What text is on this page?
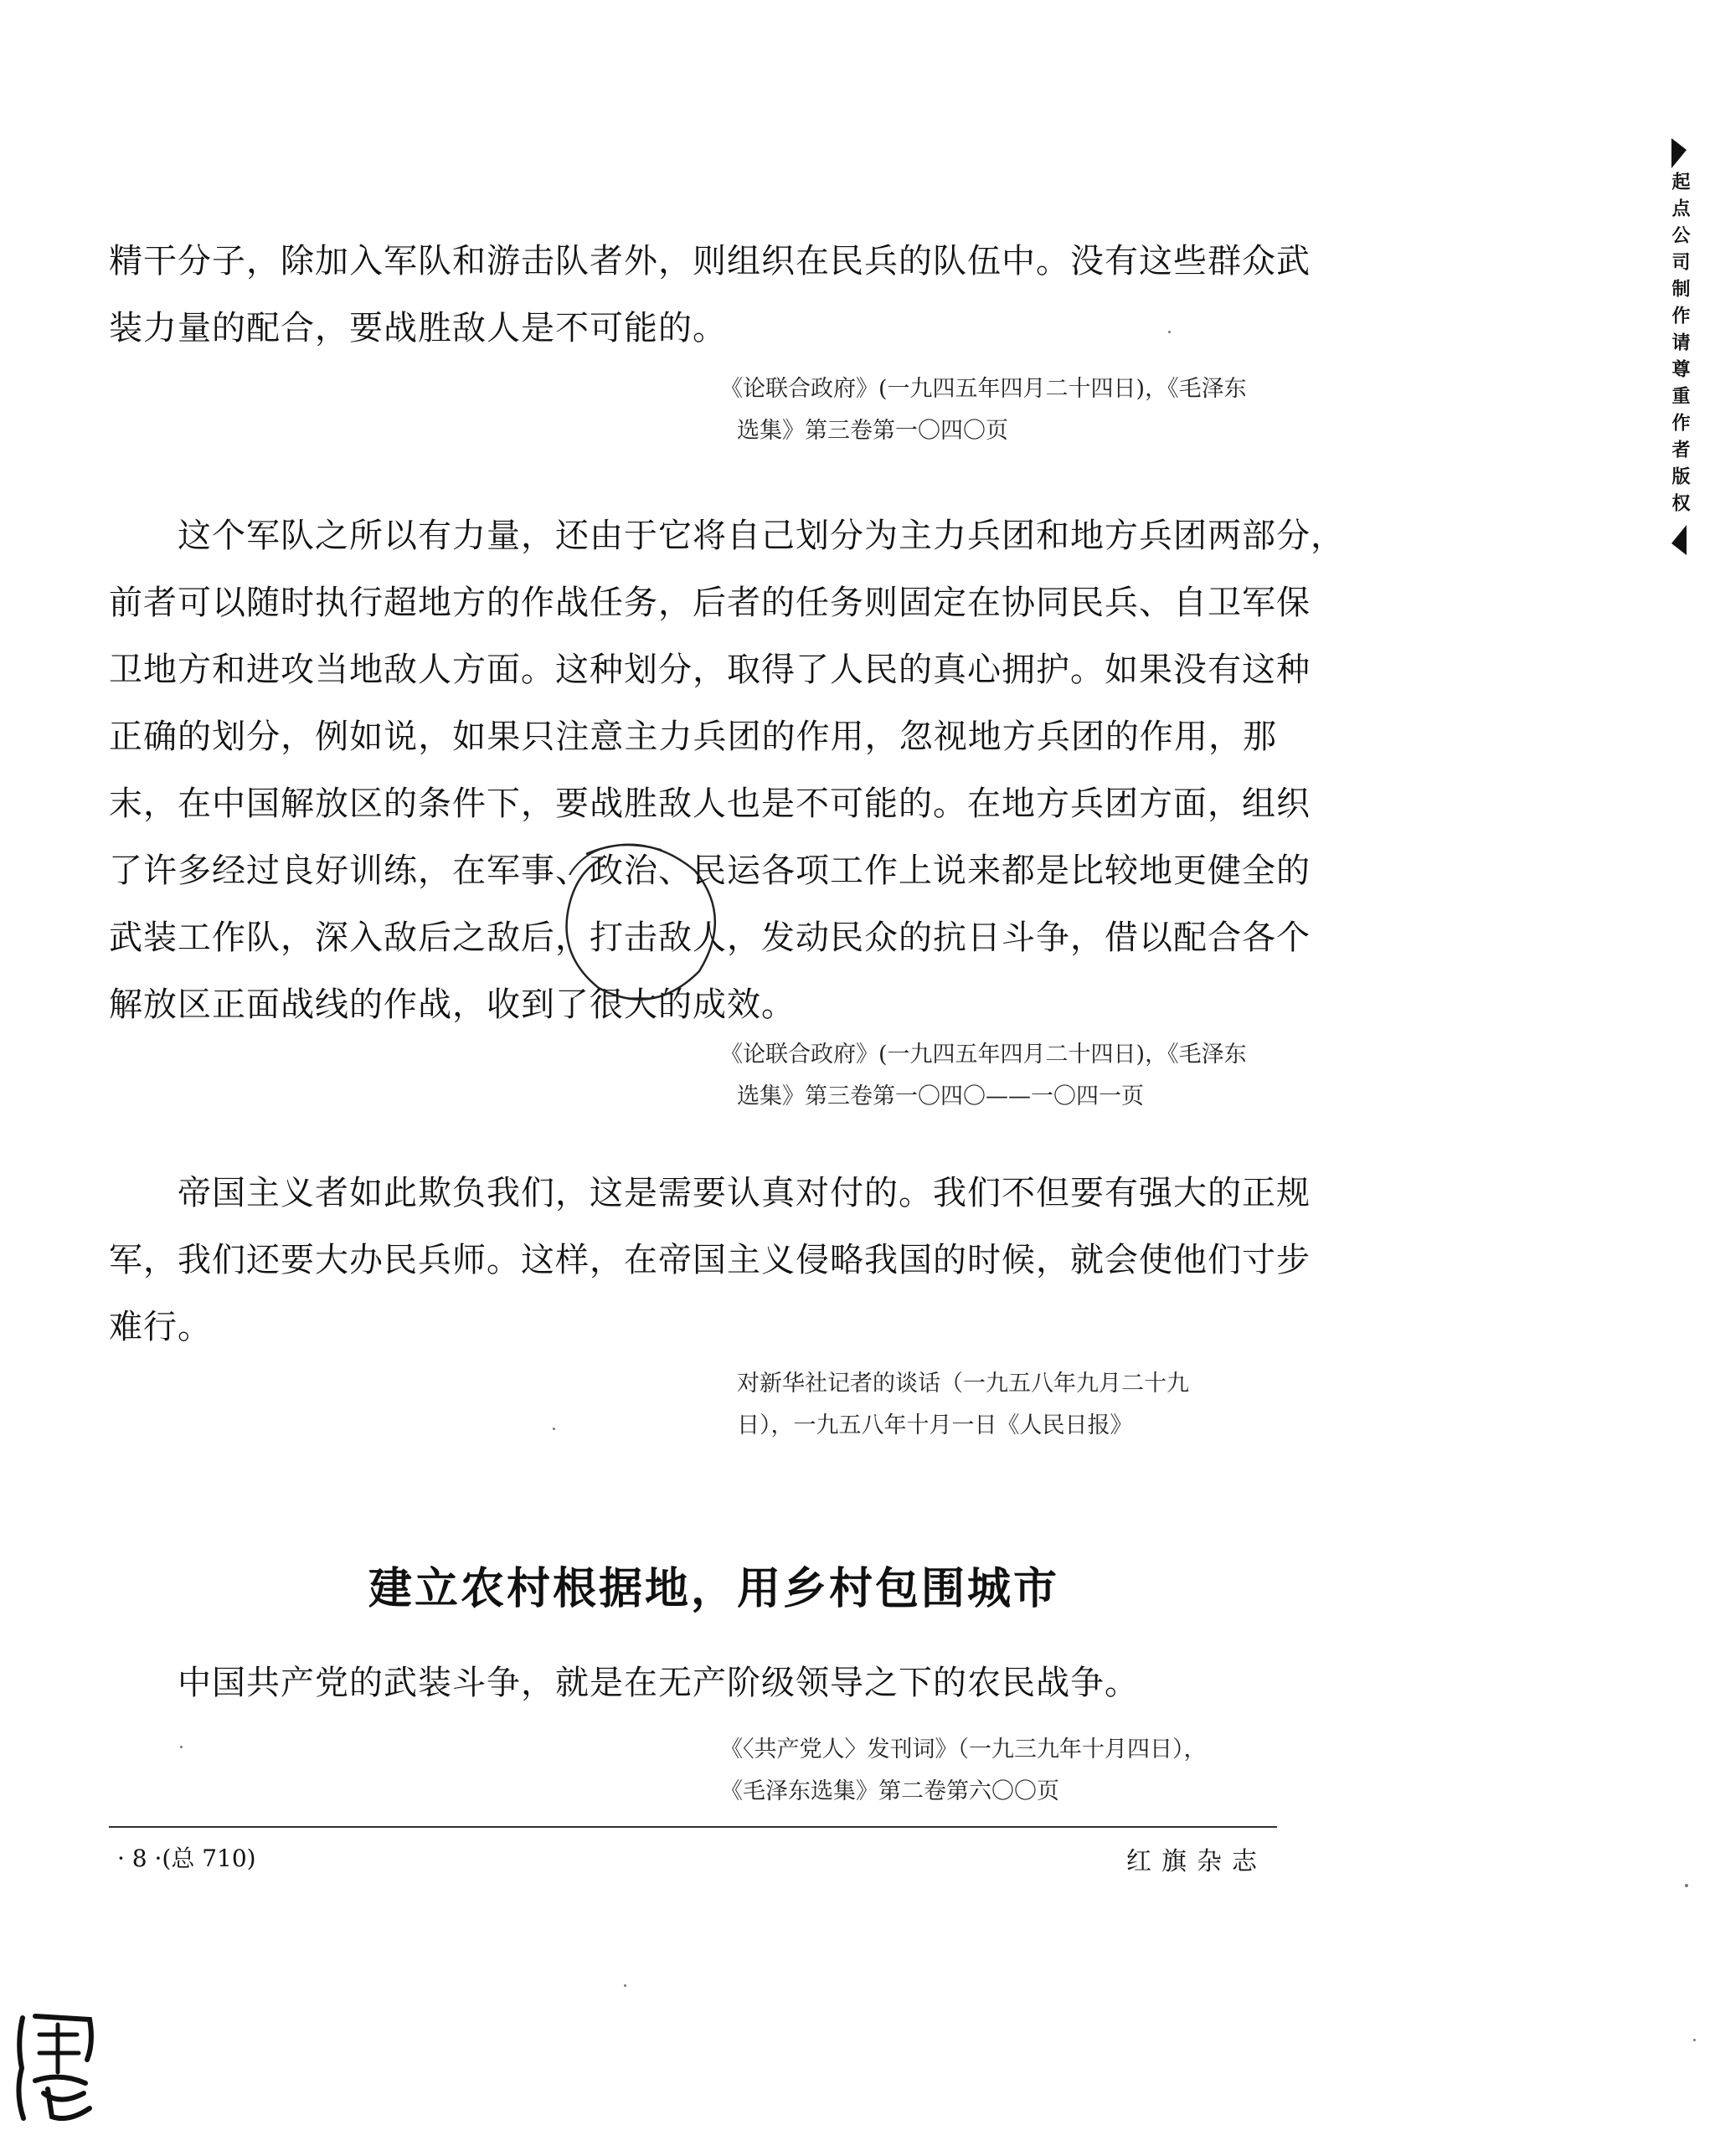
起点公司制作请尊重作者版权
精干分子，除加入军队和游击队者外，则组织在民兵的队伍中。没有这些群众武
装力量的配合，要战胜敌人是不可能的。
《论联合政府》(一九四五年四月二十四日)，《毛泽东
选集》第三卷第一〇四〇页
　　这个军队之所以有力量，还由于它将自己划分为主力兵团和地方兵团两部分，
前者可以随时执行超地方的作战任务，后者的任务则固定在协同民兵、自卫军保
卫地方和进攻当地敌人方面。这种划分，取得了人民的真心拥护。如果没有这种
正确的划分，例如说，如果只注意主力兵团的作用，忽视地方兵团的作用，那
末，在中国解放区的条件下，要战胜敌人也是不可能的。在地方兵团方面，组织
了许多经过良好训练，在军事、政治、民运各项工作上说来都是比较地更健全的
武装工作队，深入敌后之敌后，打击敌人，发动民众的抗日斗争，借以配合各个
解放区正面战线的作战，收到了很大的成效。
《论联合政府》(一九四五年四月二十四日)，《毛泽东
选集》第三卷第一〇四〇——一〇四一页
　　帝国主义者如此欺负我们，这是需要认真对付的。我们不但要有强大的正规
军，我们还要大办民兵师。这样，在帝国主义侵略我国的时候，就会使他们寸步
难行。
对新华社记者的谈话（一九五八年九月二十九
日），一九五八年十月一日《人民日报》
建立农村根据地，用乡村包围城市
　　中国共产党的武装斗争，就是在无产阶级领导之下的农民战争。
《〈共产党人〉发刊词》（一九三九年十月四日），
《毛泽东选集》第二卷第六〇〇页
· 8 ·(总 710)	红旗杂志
